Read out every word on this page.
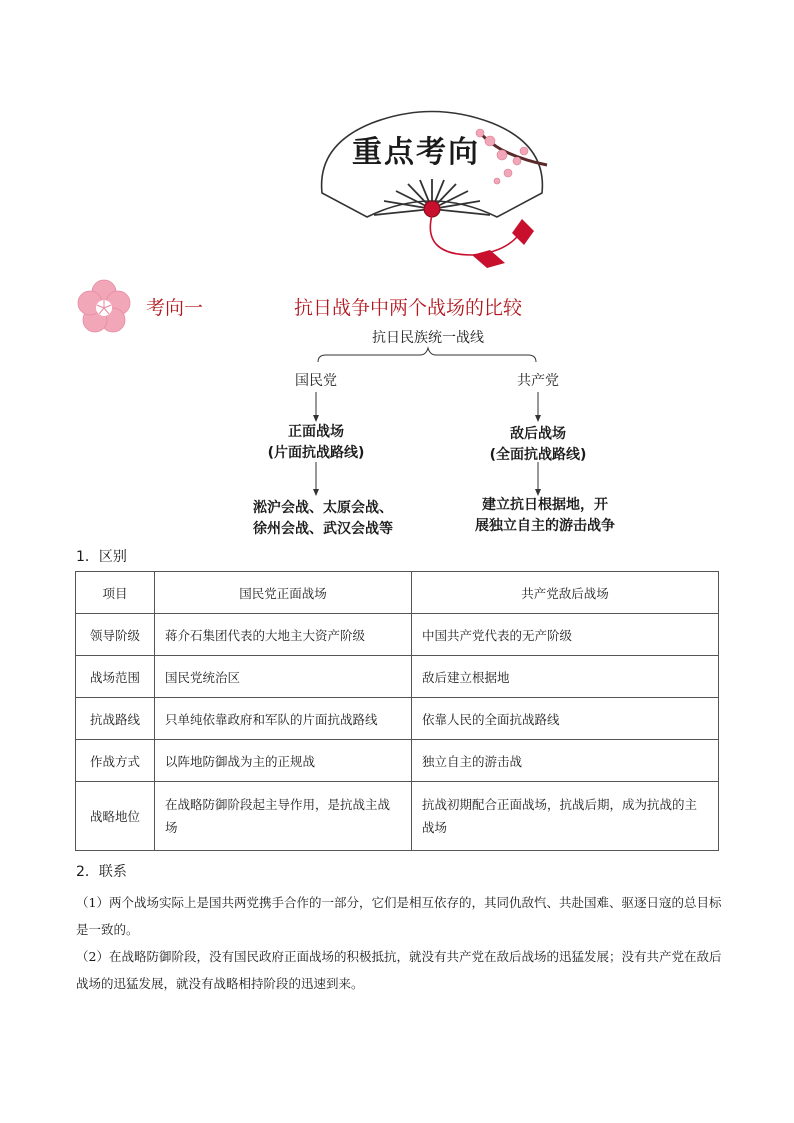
重点考向
考向一	抗日战争中两个战场的比较
抗日民族统一战线
国民党
正面战场
(片面抗战路线)
淞沪会战、太原会战、
徐州会战、武汉会战等
共产党
敌后战场
(全面抗战路线)
建立抗日根据地，开
展独立自主的游击战争
1．区别
项目	国民党正面战场	共产党敌后战场
领导阶级	蒋介石集团代表的大地主大资产阶级	中国共产党代表的无产阶级
战场范围	国民党统治区	敌后建立根据地
抗战路线	只单纯依靠政府和军队的片面抗战路线	依靠人民的全面抗战路线
作战方式	以阵地防御战为主的正规战	独立自主的游击战
战略地位	在战略防御阶段起主导作用，是抗战主战场	抗战初期配合正面战场，抗战后期，成为抗战的主战场
2．联系
（1）两个战场实际上是国共两党携手合作的一部分，它们是相互依存的，其同仇敌忾、共赴国难、驱逐日寇的总目标是一致的。
（2）在战略防御阶段，没有国民政府正面战场的积极抵抗，就没有共产党在敌后战场的迅猛发展；没有共产党在敌后战场的迅猛发展，就没有战略相持阶段的迅速到来。
